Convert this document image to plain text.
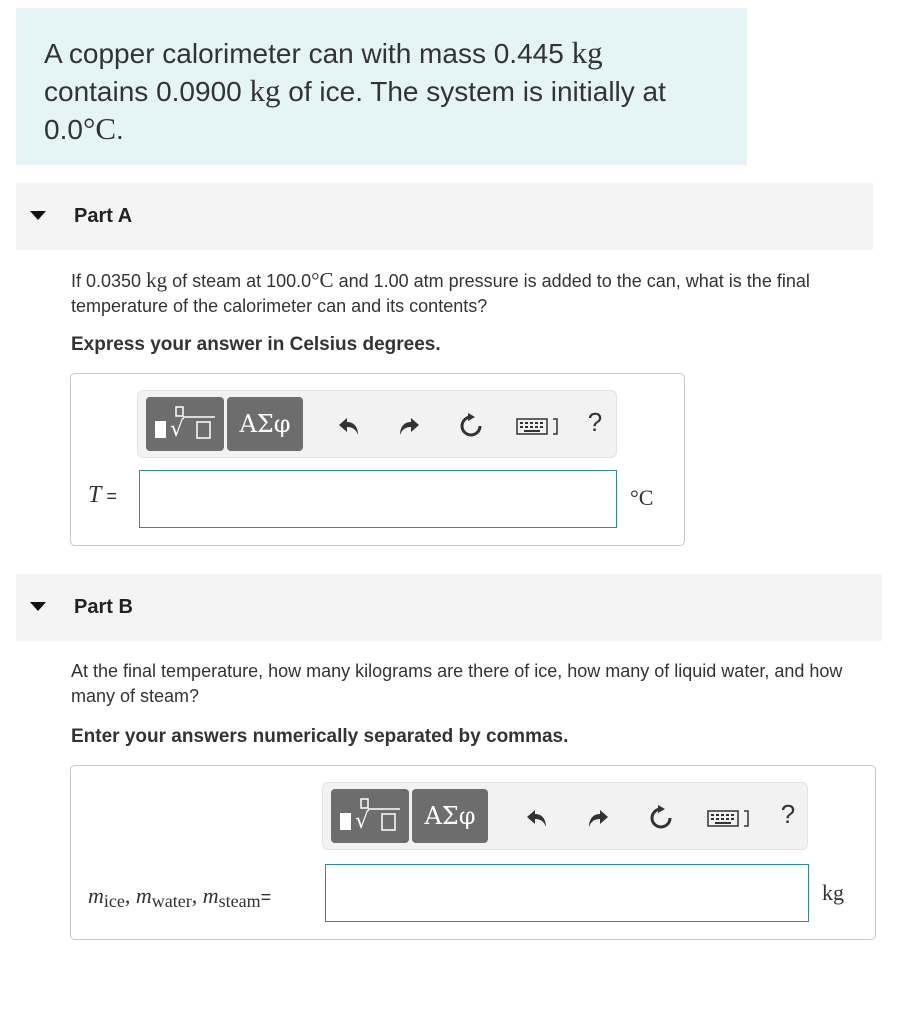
A copper calorimeter can with mass 0.445 kg
contains 0.0900 kg of ice. The system is initially at
0.0°C.

Part A
If 0.0350 kg of steam at 100.0°C and 1.00 atm pressure is added to the can, what is the final temperature of the calorimeter can and its contents?
Express your answer in Celsius degrees.
√	ΑΣφ	?
T =	°C
Part B
At the final temperature, how many kilograms are there of ice, how many of liquid water, and how many of steam?
Enter your answers numerically separated by commas.
√	ΑΣφ	?
$m_{ice}$, $m_{water}$, $m_{steam}=$	kg
